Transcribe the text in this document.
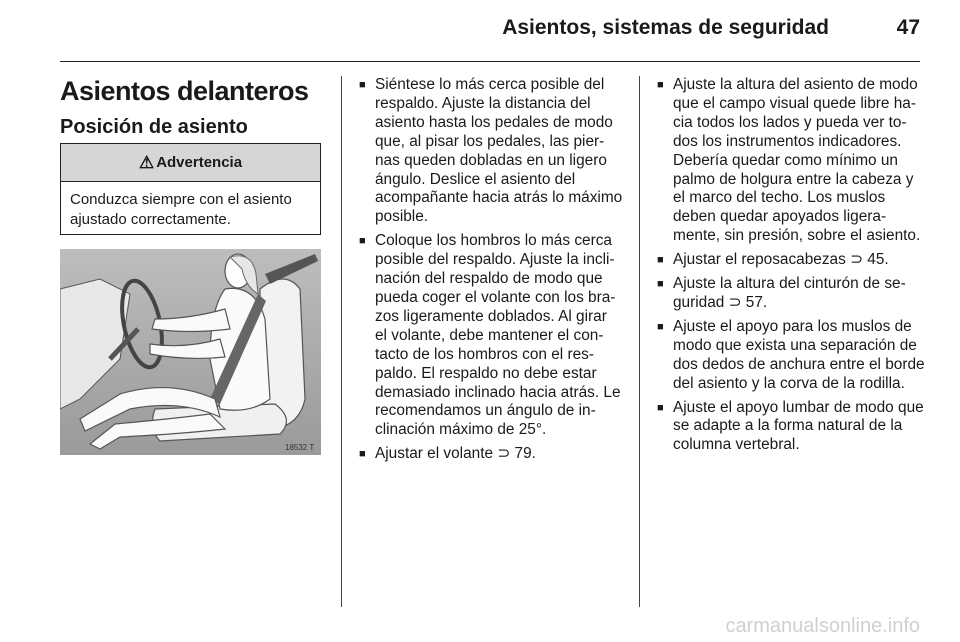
Asientos, sistemas de seguridad	47
Asientos delanteros
Posición de asiento
⚠ Advertencia
Conduzca siempre con el asiento ajustado correctamente.
18532 T
■ Siéntese lo más cerca posible del respaldo. Ajuste la distancia del asiento hasta los pedales de modo que, al pisar los pedales, las pier-nas queden dobladas en un ligero ángulo. Deslice el asiento del acompañante hacia atrás lo máximo posible.
■ Coloque los hombros lo más cerca posible del respaldo. Ajuste la incli-nación del respaldo de modo que pueda coger el volante con los bra-zos ligeramente doblados. Al girar el volante, debe mantener el con-tacto de los hombros con el res-paldo. El respaldo no debe estar demasiado inclinado hacia atrás. Le recomendamos un ángulo de in-clinación máximo de 25°.
■ Ajustar el volante ⊃ 79.
■ Ajuste la altura del asiento de modo que el campo visual quede libre ha-cia todos los lados y pueda ver to-dos los instrumentos indicadores. Debería quedar como mínimo un palmo de holgura entre la cabeza y el marco del techo. Los muslos deben quedar apoyados ligera-mente, sin presión, sobre el asiento.
■ Ajustar el reposacabezas ⊃ 45.
■ Ajuste la altura del cinturón de se-guridad ⊃ 57.
■ Ajuste el apoyo para los muslos de modo que exista una separación de dos dedos de anchura entre el borde del asiento y la corva de la rodilla.
■ Ajuste el apoyo lumbar de modo que se adapte a la forma natural de la columna vertebral.
carmanualsonline.info
